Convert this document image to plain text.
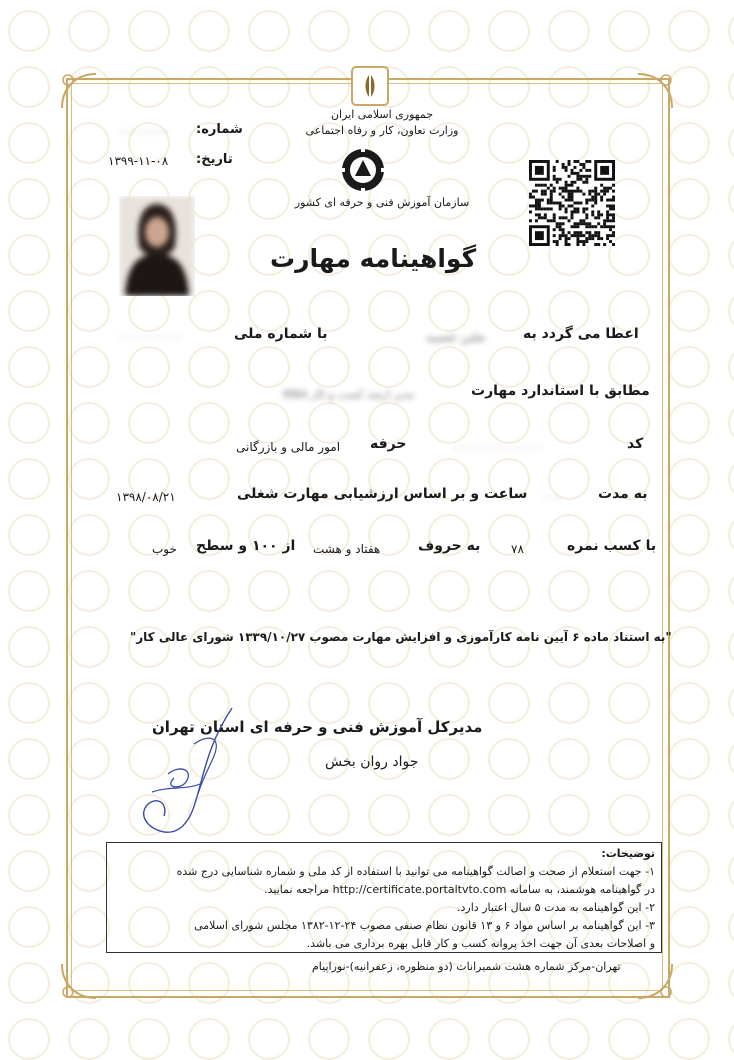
جمهوری اسلامی ایران
وزارت تعاون، کار و رفاه اجتماعی
سازمان آموزش فنی و حرفه ای کشور
شماره:
۰۰۰۰۰۰۰۰
تاریخ:
۱۳۹۹-۱۱-۰۸
گواهینامه مهارت
اعطا می گردد به
نعلین غضیبه
با شماره ملی
۰۰۰۰۰۰۰۰۰۰
مطابق با استاندارد مهارت
مدیر ارشد کسب و کار MBA
کد
۰۰۰۰۰۰۰۰۰۰۰۰۰۰
حرفه
امور مالی و بازرگانی
به مدت
۰۰۰
ساعت و بر اساس ارزشیابی مهارت شغلی
۱۳۹۸/۰۸/۲۱
با کسب نمره
۷۸
به حروف
هفتاد و هشت
از ۱۰۰ و سطح
خوب
"به استناد ماده ۶ آیین نامه کارآموزی و افزایش مهارت مصوب ۱۳۳۹/۱۰/۲۷ شورای عالی کار"
مدیرکل آموزش فنی و حرفه ای استان تهران
جواد روان بخش
توضیحات:
۱- جهت استعلام از صحت و اصالت گواهینامه می توانید با استفاده از کد ملی و شماره شناسایی درج شده
در گواهینامه هوشمند، به سامانه http://certificate.portaltvto.com مراجعه نمایید.
۲- این گواهینامه به مدت ۵ سال اعتبار دارد.
۳- این گواهینامه بر اساس مواد ۶ و ۱۳ قانون نظام صنفی مصوب ۲۴-۱۲-۱۳۸۲ مجلس شورای اسلامی
و اصلاحات بعدی آن جهت اخذ پروانه کسب و کار قابل بهره برداری می باشد.
تهران-مرکز شماره هشت شمیرانات (دو منظوره، زعفرانیه)-نوراپیام
